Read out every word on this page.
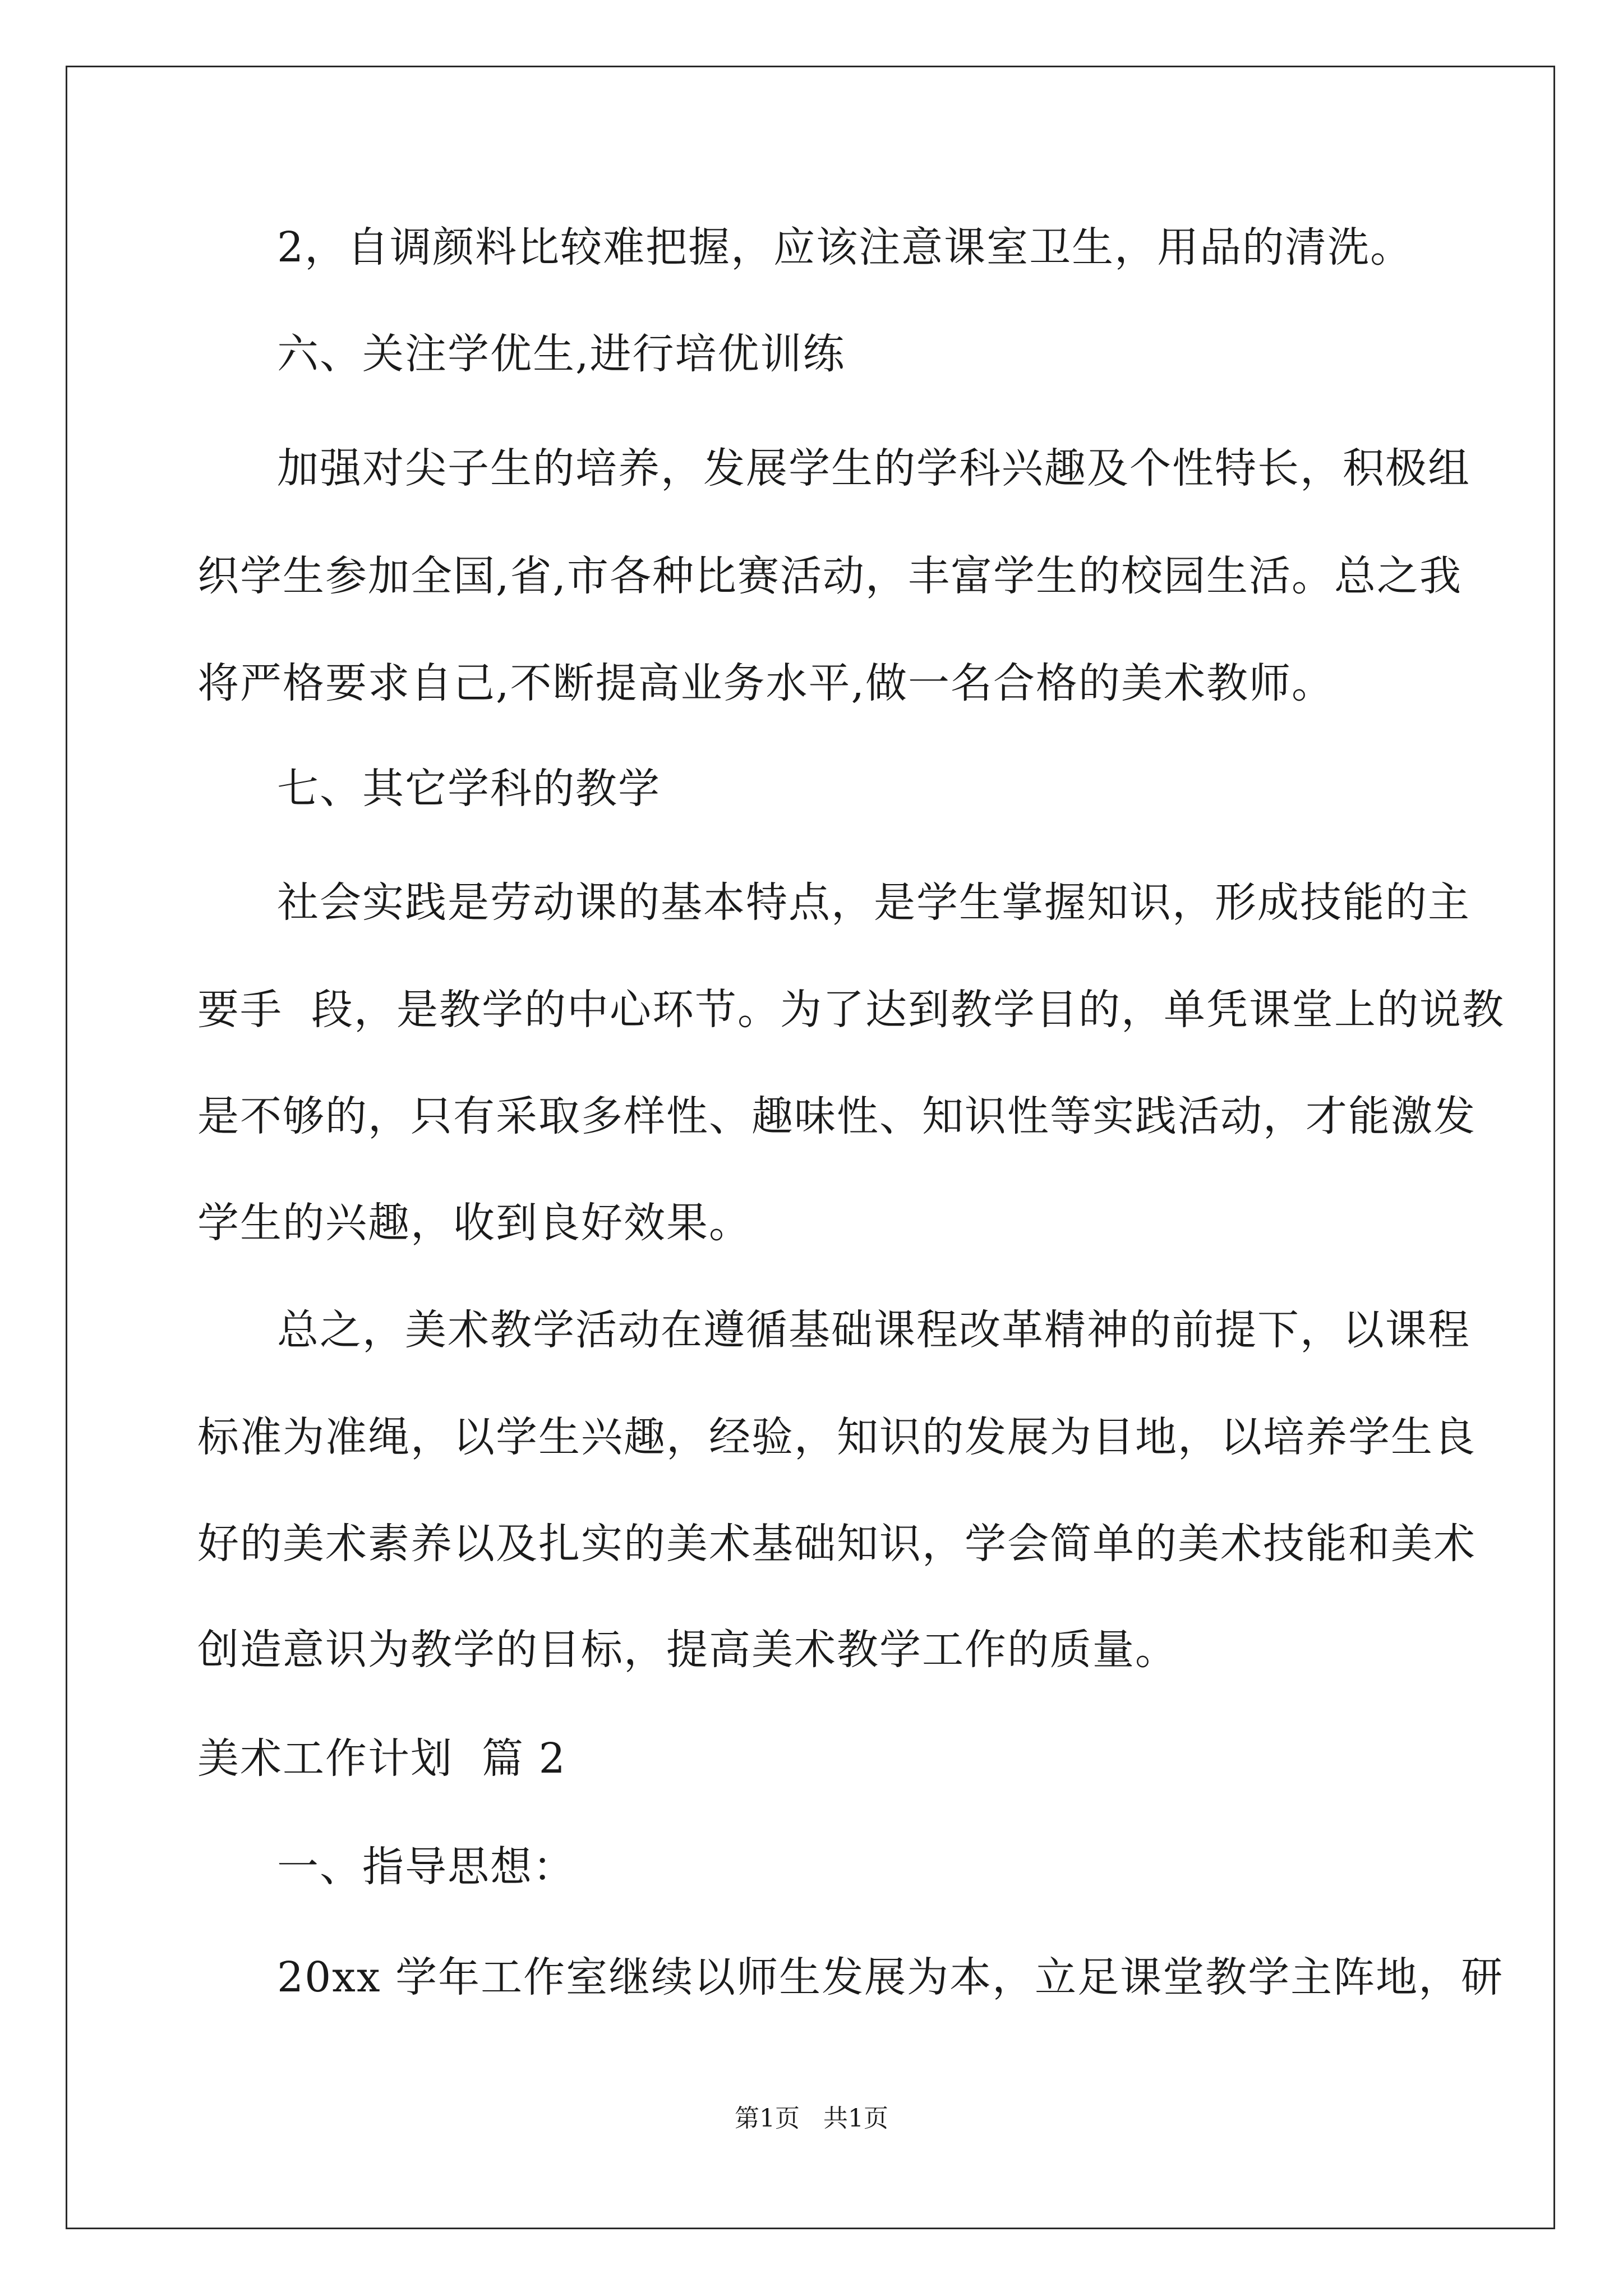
2，自调颜料比较难把握，应该注意课室卫生，用品的清洗。
六、关注学优生,进行培优训练
加强对尖子生的培养，发展学生的学科兴趣及个性特长，积极组
织学生参加全国,省,市各种比赛活动，丰富学生的校园生活。总之我
将严格要求自己,不断提高业务水平,做一名合格的美术教师。
七、其它学科的教学
社会实践是劳动课的基本特点，是学生掌握知识，形成技能的主
要手  段，是教学的中心环节。为了达到教学目的，单凭课堂上的说教
是不够的，只有采取多样性、趣味性、知识性等实践活动，才能激发
学生的兴趣，收到良好效果。
总之，美术教学活动在遵循基础课程改革精神的前提下，以课程
标准为准绳，以学生兴趣，经验，知识的发展为目地，以培养学生良
好的美术素养以及扎实的美术基础知识，学会简单的美术技能和美术
创造意识为教学的目标，提高美术教学工作的质量。
美术工作计划  篇 2
一、指导思想：
20xx 学年工作室继续以师生发展为本，立足课堂教学主阵地，研
第1页   共1页
